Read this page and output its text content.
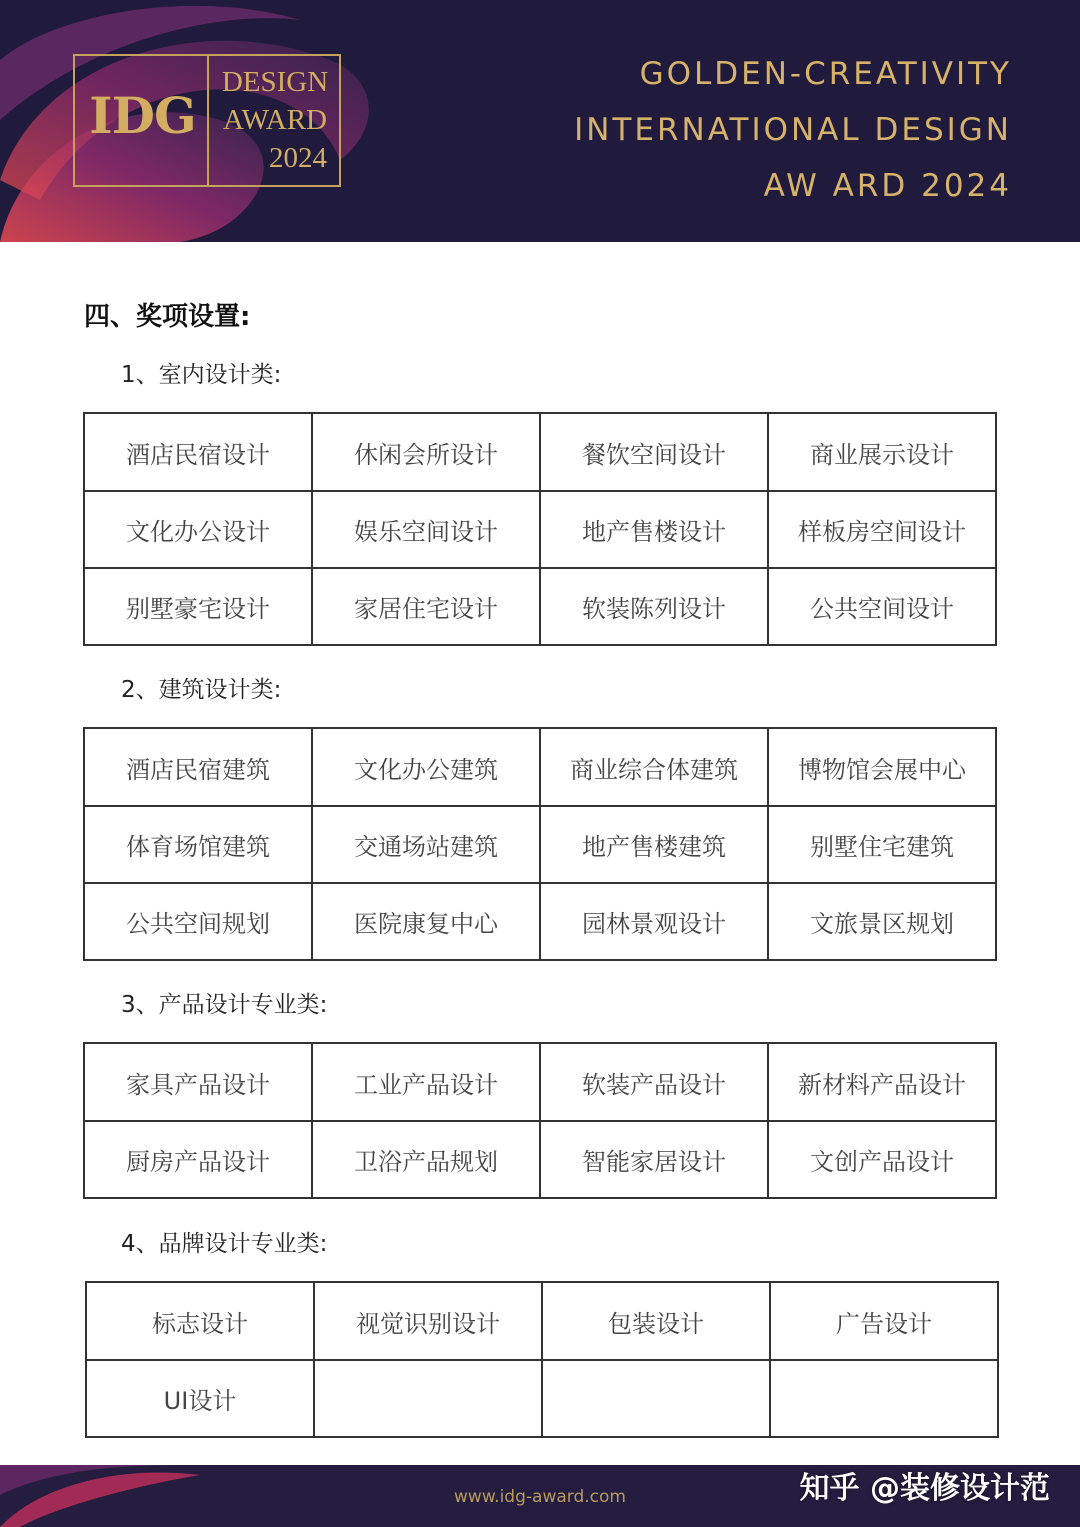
IDG
DESIGN
AWARD
2024
GOLDEN-CREATIVITY
INTERNATIONAL DESIGN
AW ARD 2024
四、奖项设置:
1、室内设计类:
酒店民宿设计	休闲会所设计	餐饮空间设计	商业展示设计
文化办公设计	娱乐空间设计	地产售楼设计	样板房空间设计
别墅豪宅设计	家居住宅设计	软装陈列设计	公共空间设计
2、建筑设计类:
酒店民宿建筑	文化办公建筑	商业综合体建筑	博物馆会展中心
体育场馆建筑	交通场站建筑	地产售楼建筑	别墅住宅建筑
公共空间规划	医院康复中心	园林景观设计	文旅景区规划
3、产品设计专业类:
家具产品设计	工业产品设计	软装产品设计	新材料产品设计
厨房产品设计	卫浴产品规划	智能家居设计	文创产品设计
4、品牌设计专业类:
标志设计	视觉识别设计	包装设计	广告设计
UI设计			
www.idg-award.com	知乎 @装修设计范
